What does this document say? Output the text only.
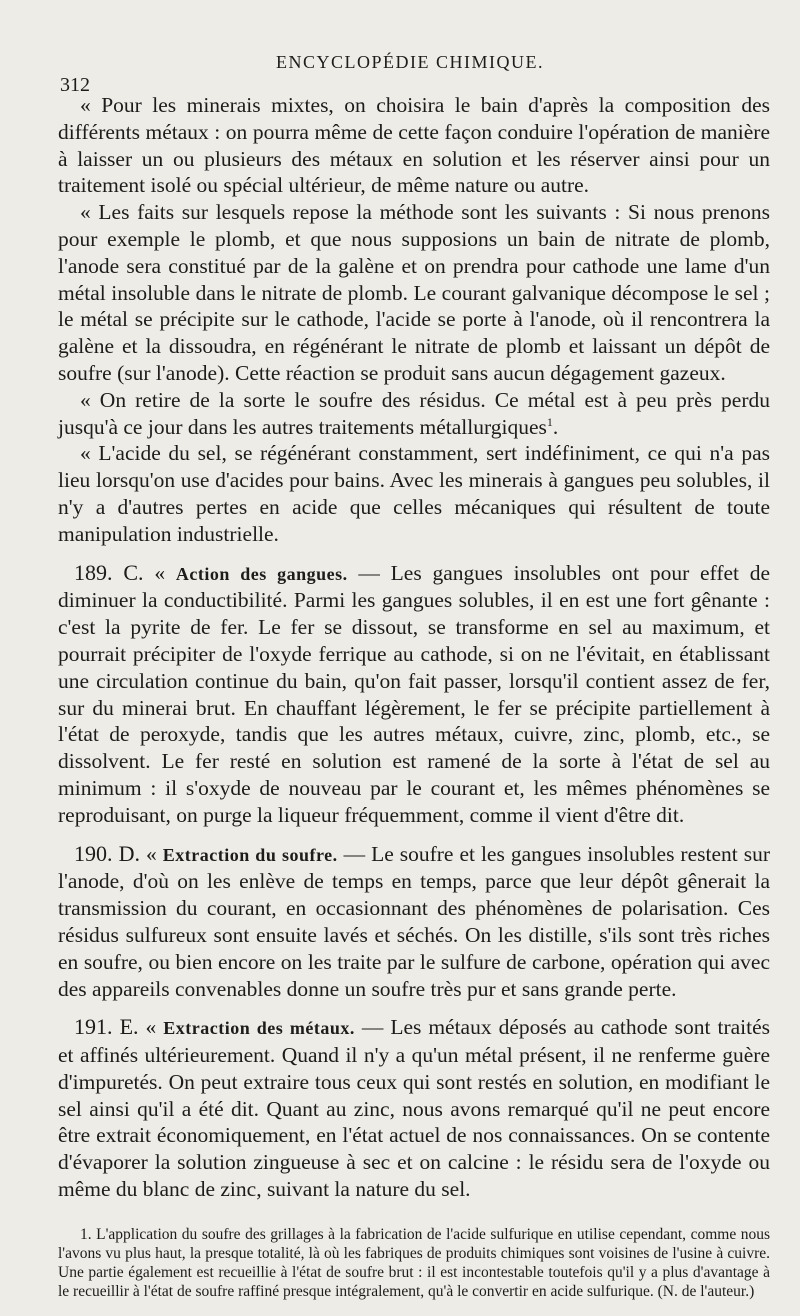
312
ENCYCLOPÉDIE CHIMIQUE.

« Pour les minerais mixtes, on choisira le bain d'après la composition des différents métaux : on pourra même de cette façon conduire l'opération de manière à laisser un ou plusieurs des métaux en solution et les réserver ainsi pour un traitement isolé ou spécial ultérieur, de même nature ou autre.

« Les faits sur lesquels repose la méthode sont les suivants : Si nous prenons pour exemple le plomb, et que nous supposions un bain de nitrate de plomb, l'anode sera constitué par de la galène et on prendra pour cathode une lame d'un métal insoluble dans le nitrate de plomb. Le courant galvanique décompose le sel ; le métal se précipite sur le cathode, l'acide se porte à l'anode, où il rencontrera la galène et la dissoudra, en régénérant le nitrate de plomb et laissant un dépôt de soufre (sur l'anode). Cette réaction se produit sans aucun dégagement gazeux.

« On retire de la sorte le soufre des résidus. Ce métal est à peu près perdu jusqu'à ce jour dans les autres traitements métallurgiques$^1$.

« L'acide du sel, se régénérant constamment, sert indéfiniment, ce qui n'a pas lieu lorsqu'on use d'acides pour bains. Avec les minerais à gangues peu solubles, il n'y a d'autres pertes en acide que celles mécaniques qui résultent de toute manipulation industrielle.

189. C. « Action des gangues. — Les gangues insolubles ont pour effet de diminuer la conductibilité. Parmi les gangues solubles, il en est une fort gênante : c'est la pyrite de fer. Le fer se dissout, se transforme en sel au maximum, et pourrait précipiter de l'oxyde ferrique au cathode, si on ne l'évitait, en établissant une circulation continue du bain, qu'on fait passer, lorsqu'il contient assez de fer, sur du minerai brut. En chauffant légèrement, le fer se précipite partiellement à l'état de peroxyde, tandis que les autres métaux, cuivre, zinc, plomb, etc., se dissolvent. Le fer resté en solution est ramené de la sorte à l'état de sel au minimum : il s'oxyde de nouveau par le courant et, les mêmes phénomènes se reproduisant, on purge la liqueur fréquemment, comme il vient d'être dit.

190. D. « Extraction du soufre. — Le soufre et les gangues insolubles restent sur l'anode, d'où on les enlève de temps en temps, parce que leur dépôt gênerait la transmission du courant, en occasionnant des phénomènes de polarisation. Ces résidus sulfureux sont ensuite lavés et séchés. On les distille, s'ils sont très riches en soufre, ou bien encore on les traite par le sulfure de carbone, opération qui avec des appareils convenables donne un soufre très pur et sans grande perte.

191. E. « Extraction des métaux. — Les métaux déposés au cathode sont traités et affinés ultérieurement. Quand il n'y a qu'un métal présent, il ne renferme guère d'impuretés. On peut extraire tous ceux qui sont restés en solution, en modifiant le sel ainsi qu'il a été dit. Quant au zinc, nous avons remarqué qu'il ne peut encore être extrait économiquement, en l'état actuel de nos connaissances. On se contente d'évaporer la solution zingueuse à sec et on calcine : le résidu sera de l'oxyde ou même du blanc de zinc, suivant la nature du sel.

1. L'application du soufre des grillages à la fabrication de l'acide sulfurique en utilise cependant, comme nous l'avons vu plus haut, la presque totalité, là où les fabriques de produits chimiques sont voisines de l'usine à cuivre. Une partie également est recueillie à l'état de soufre brut : il est incontestable toutefois qu'il y a plus d'avantage à le recueillir à l'état de soufre raffiné presque intégralement, qu'à le convertir en acide sulfurique. (N. de l'auteur.)
